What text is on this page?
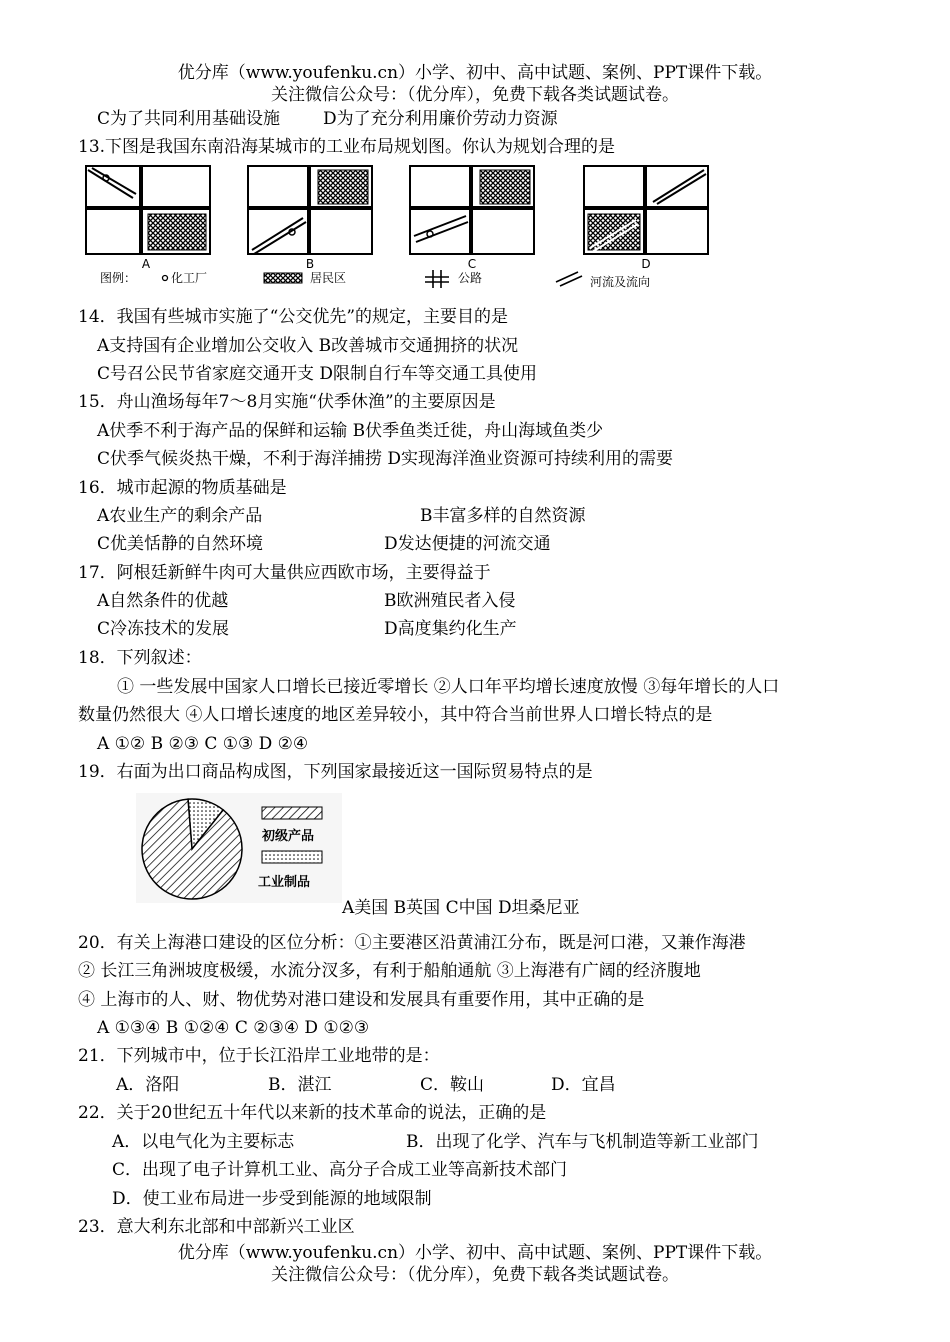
优分库（www.youfenku.cn）小学、初中、高中试题、案例、PPT课件下载。
关注微信公众号：（优分库），免费下载各类试题试卷。
C为了共同利用基础设施	D为了充分利用廉价劳动力资源
13.下图是我国东南沿海某城市的工业布局规划图。你认为规划合理的是
A	B	C	D
图例：	化工厂	居民区	公路	河流及流向
14．我国有些城市实施了“公交优先”的规定，主要目的是
A支持国有企业增加公交收入 B改善城市交通拥挤的状况
C号召公民节省家庭交通开支 D限制自行车等交通工具使用
15．舟山渔场每年7～8月实施“伏季休渔”的主要原因是
A伏季不利于海产品的保鲜和运输 B伏季鱼类迁徙，舟山海域鱼类少
C伏季气候炎热干燥，不利于海洋捕捞 D实现海洋渔业资源可持续利用的需要
16．城市起源的物质基础是
A农业生产的剩余产品	B丰富多样的自然资源
C优美恬静的自然环境	D发达便捷的河流交通
17．阿根廷新鲜牛肉可大量供应西欧市场，主要得益于
A自然条件的优越	B欧洲殖民者入侵
C冷冻技术的发展	D高度集约化生产
18．下列叙述：
① 一些发展中国家人口增长已接近零增长 ②人口年平均增长速度放慢 ③每年增长的人口
数量仍然很大 ④人口增长速度的地区差异较小，其中符合当前世界人口增长特点的是
A ①② B ②③ C ①③ D ②④
19．右面为出口商品构成图，下列国家最接近这一国际贸易特点的是
初级产品
工业制品
A美国 B英国 C中国 D坦桑尼亚
20．有关上海港口建设的区位分析：①主要港区沿黄浦江分布，既是河口港，又兼作海港
② 长江三角洲坡度极缓，水流分汊多，有利于船舶通航 ③上海港有广阔的经济腹地
④ 上海市的人、财、物优势对港口建设和发展具有重要作用，其中正确的是
A ①③④ B ①②④ C ②③④ D ①②③
21．下列城市中，位于长江沿岸工业地带的是：
A．洛阳	B．湛江	C．鞍山	D．宜昌
22．关于20世纪五十年代以来新的技术革命的说法，正确的是
A．以电气化为主要标志	B．出现了化学、汽车与飞机制造等新工业部门
C．出现了电子计算机工业、高分子合成工业等高新技术部门
D．使工业布局进一步受到能源的地域限制
23．意大利东北部和中部新兴工业区
优分库（www.youfenku.cn）小学、初中、高中试题、案例、PPT课件下载。
关注微信公众号：（优分库），免费下载各类试题试卷。
